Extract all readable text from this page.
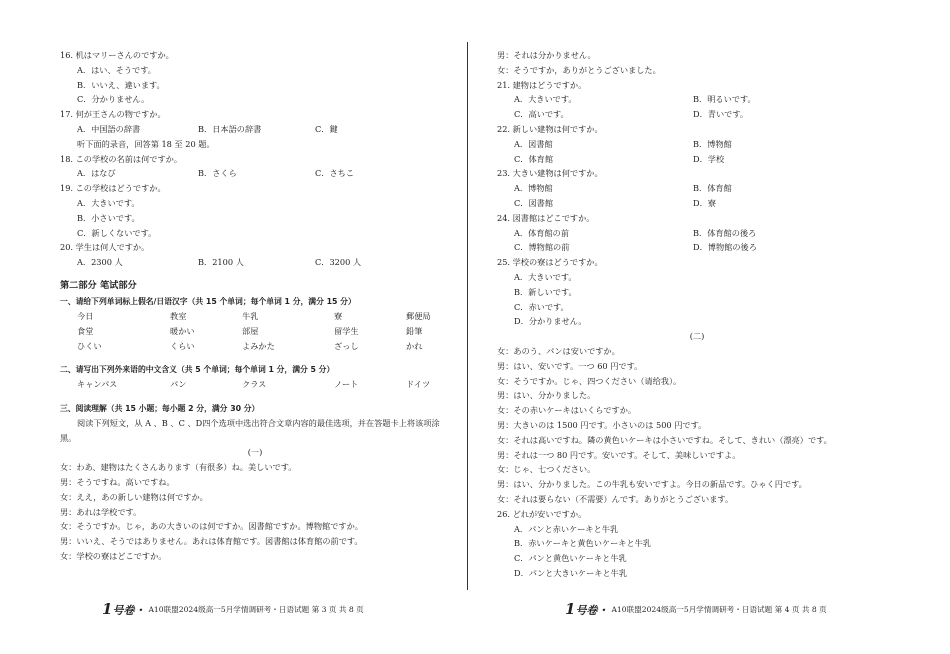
16. 机はマリーさんのですか。
A．はい、そうです。
B．いいえ、違います。
C．分かりません。
17. 何が王さんの物ですか。
A．中国語の辞書	B．日本語の辞書	C．鍵
听下面的录音，回答第 18 至 20 题。
18. この学校の名前は何ですか。
A．はなび	B．さくら	C．さちこ
19. この学校はどうですか。
A．大きいです。
B．小さいです。
C．新しくないです。
20. 学生は何人ですか。
A．2300 人	B．2100 人	C．3200 人
第二部分 笔试部分
一、请给下列单词标上假名/日语汉字（共 15 个单词；每个单词 1 分，满分 15 分）
今日	教室	牛乳	寮	郵便局
食堂	暖かい	部屋	留学生	鉛筆
ひくい	くらい	よみかた	ざっし	かれ
二、请写出下列外来语的中文含义（共 5 个单词；每个单词 1 分，满分 5 分）
キャンパス	パン	クラス	ノート	ドイツ
三、阅读理解（共 15 小题；每小题 2 分，满分 30 分）
阅读下列短文，从 A 、B 、C 、D四个选项中选出符合文章内容的最佳选项，并在答题卡上将该项涂黑。
(一)
女：わあ、建物はたくさんあります（有很多）ね。美しいです。
男：そうですね。高いですね。
女：ええ，あの新しい建物は何ですか。
男：あれは学校です。
女：そうですか。じゃ，あの大きいのは何ですか。図書館ですか。博物館ですか。
男：いいえ、そうではありません。あれは体育館です。図書館は体育館の前です。
女：学校の寮はどこですか。
男：それは分かりません。
女：そうですか，ありがとうございました。
21. 建物はどうですか。
A．大きいです。	B．明るいです。
C．高いです。	D．青いです。
22. 新しい建物は何ですか。
A．図書館	B．博物館
C．体育館	D．学校
23. 大きい建物は何ですか。
A．博物館	B．体育館
C．図書館	D．寮
24. 図書館はどこですか。
A．体育館の前	B．体育館の後ろ
C．博物館の前	D．博物館の後ろ
25. 学校の寮はどうですか。
A．大きいです。
B．新しいです。
C．赤いです。
D．分かりません。
(二)
女：あのう、パンは安いですか。
男：はい、安いです。一つ 60 円です。
女：そうですか。じゃ、四つください（请给我）。
男：はい、分かりました。
女：その赤いケーキはいくらですか。
男：大きいのは 1500 円です。小さいのは 500 円です。
女：それは高いですね。隣の黄色いケーキは小さいですね。そして、きれい（漂亮）です。
男：それは一つ 80 円です。安いです。そして、美味しいですよ。
女：じゃ、七つください。
男：はい、分かりました。この牛乳も安いですよ。今日の新品です。ひゃく円です。
女：それは要らない（不需要）んです。ありがとうございます。
26. どれが安いですか。
A．パンと赤いケーキと牛乳
B．赤いケーキと黄色いケーキと牛乳
C．パンと黄色いケーキと牛乳
D．パンと大きいケーキと牛乳
1号卷・ A10联盟2024级高一5月学情调研考・日语试题 第 3 页 共 8 页	1号卷・ A10联盟2024级高一5月学情调研考・日语试题 第 4 页 共 8 页
